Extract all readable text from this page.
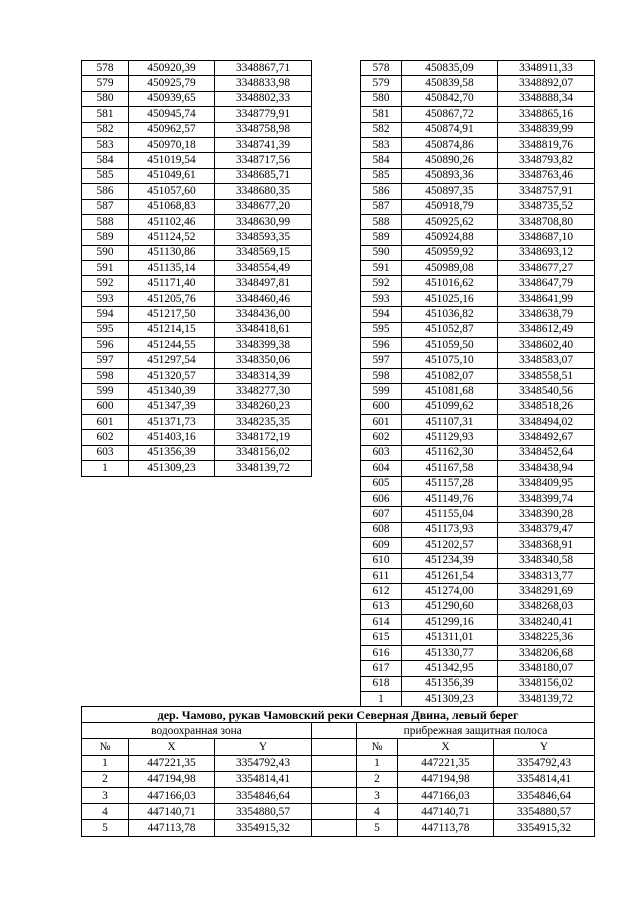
578	450920,39	3348867,71
579	450925,79	3348833,98
580	450939,65	3348802,33
581	450945,74	3348779,91
582	450962,57	3348758,98
583	450970,18	3348741,39
584	451019,54	3348717,56
585	451049,61	3348685,71
586	451057,60	3348680,35
587	451068,83	3348677,20
588	451102,46	3348630,99
589	451124,52	3348593,35
590	451130,86	3348569,15
591	451135,14	3348554,49
592	451171,40	3348497,81
593	451205,76	3348460,46
594	451217,50	3348436,00
595	451214,15	3348418,61
596	451244,55	3348399,38
597	451297,54	3348350,06
598	451320,57	3348314,39
599	451340,39	3348277,30
600	451347,39	3348260,23
601	451371,73	3348235,35
602	451403,16	3348172,19
603	451356,39	3348156,02
1	451309,23	3348139,72
578	450835,09	3348911,33
579	450839,58	3348892,07
580	450842,70	3348888,34
581	450867,72	3348865,16
582	450874,91	3348839,99
583	450874,86	3348819,76
584	450890,26	3348793,82
585	450893,36	3348763,46
586	450897,35	3348757,91
587	450918,79	3348735,52
588	450925,62	3348708,80
589	450924,88	3348687,10
590	450959,92	3348693,12
591	450989,08	3348677,27
592	451016,62	3348647,79
593	451025,16	3348641,99
594	451036,82	3348638,79
595	451052,87	3348612,49
596	451059,50	3348602,40
597	451075,10	3348583,07
598	451082,07	3348558,51
599	451081,68	3348540,56
600	451099,62	3348518,26
601	451107,31	3348494,02
602	451129,93	3348492,67
603	451162,30	3348452,64
604	451167,58	3348438,94
605	451157,28	3348409,95
606	451149,76	3348399,74
607	451155,04	3348390,28
608	451173,93	3348379,47
609	451202,57	3348368,91
610	451234,39	3348340,58
611	451261,54	3348313,77
612	451274,00	3348291,69
613	451290,60	3348268,03
614	451299,16	3348240,41
615	451311,01	3348225,36
616	451330,77	3348206,68
617	451342,95	3348180,07
618	451356,39	3348156,02
1	451309,23	3348139,72
дер. Чамово, рукав Чамовский реки Северная Двина, левый берег						
водоохранная зона				прибрежная защитная полоса		
№	X	Y		№	X	Y
1	447221,35	3354792,43		1	447221,35	3354792,43
2	447194,98	3354814,41		2	447194,98	3354814,41
3	447166,03	3354846,64		3	447166,03	3354846,64
4	447140,71	3354880,57		4	447140,71	3354880,57
5	447113,78	3354915,32		5	447113,78	3354915,32
